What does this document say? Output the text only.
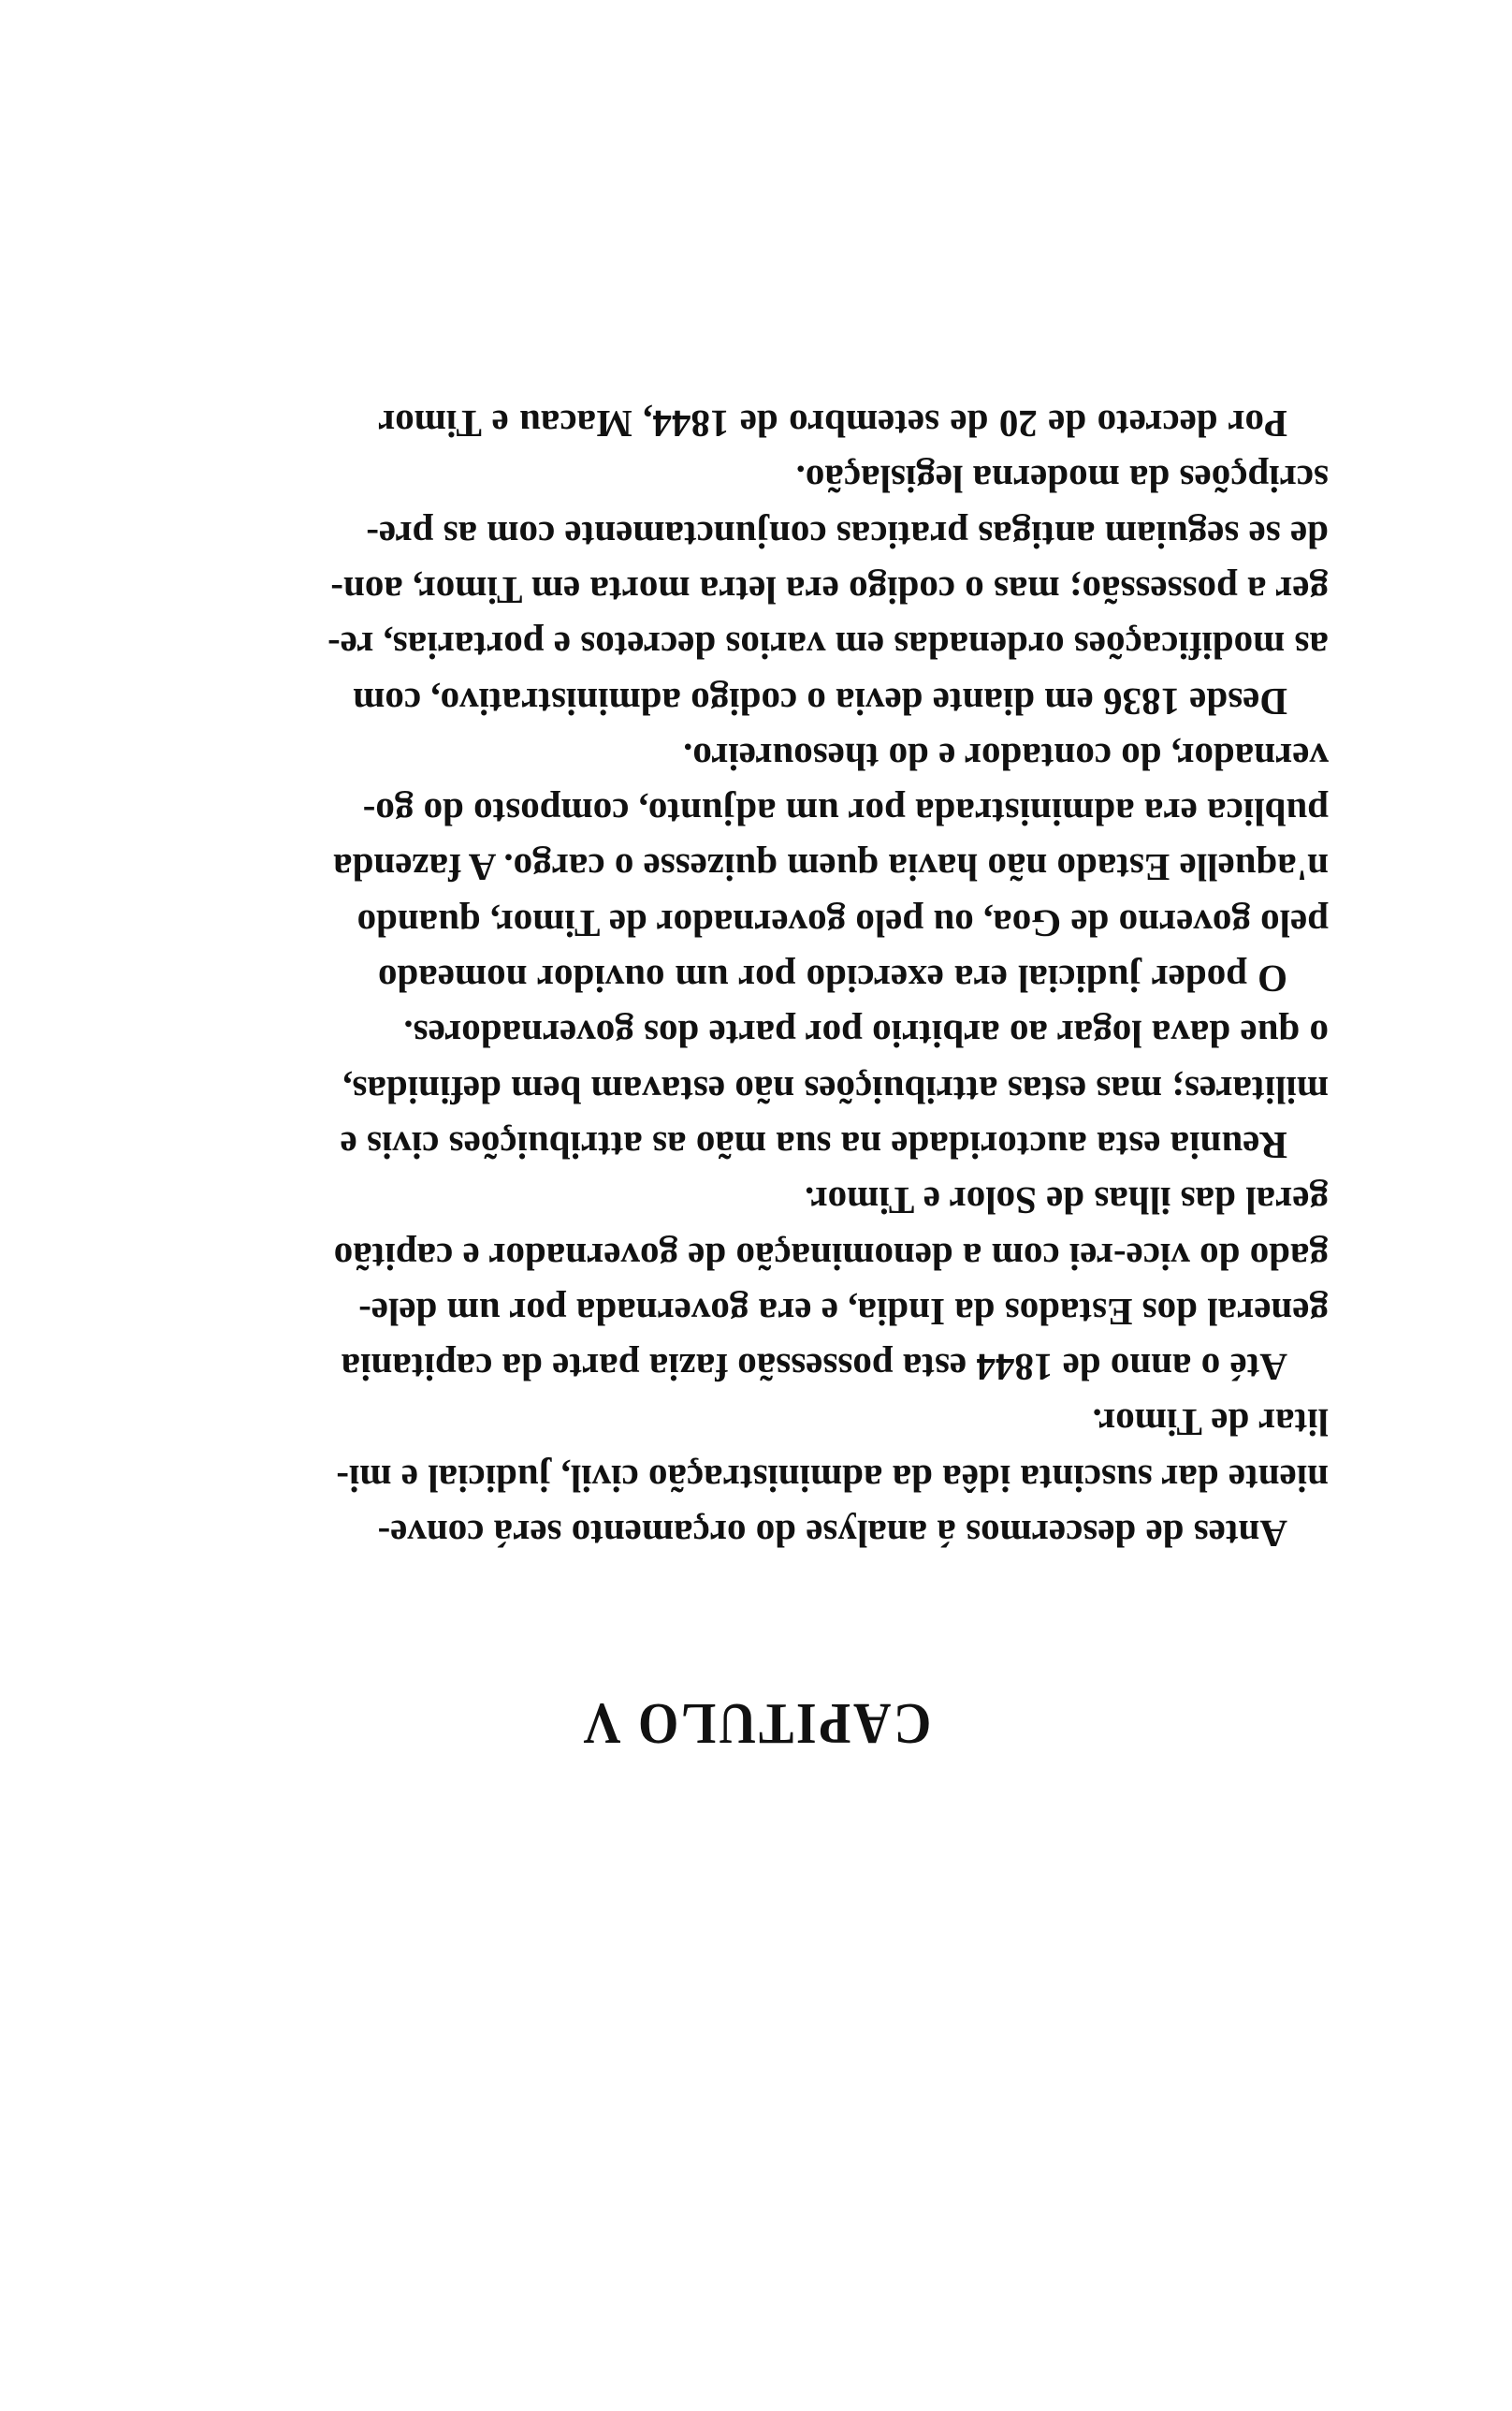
CAPITULO V
Antes de descermos á analyse do orçamento será conve-
niente dar suscinta idêa da administração civil, judicial e mi-
litar de Timor.
Até o anno de 1844 esta possessão fazia parte da capitania
general dos Estados da India, e era governada por um dele-
gado do vice-rei com a denominação de governador e capitão
geral das ilhas de Solor e Timor.
Reunia esta auctoridade na sua mão as attribuições civis e
militares; mas estas attribuições não estavam bem definidas,
o que dava logar ao arbitrio por parte dos governadores.
O poder judicial era exercido por um ouvidor nomeado
pelo governo de Goa, ou pelo governador de Timor, quando
n'aquelle Estado não havia quem quizesse o cargo. A fazenda
publica era administrada por um adjunto, composto do go-
vernador, do contador e do thesoureiro.
Desde 1836 em diante devia o codigo administrativo, com
as modificações ordenadas em varios decretos e portarias, re-
ger a possessão; mas o codigo era letra morta em Timor, aon-
de se seguiam antigas praticas conjunctamente com as pre-
scripções da moderna legislação.
Por decreto de 20 de setembro de 1844, Macau e Timor
